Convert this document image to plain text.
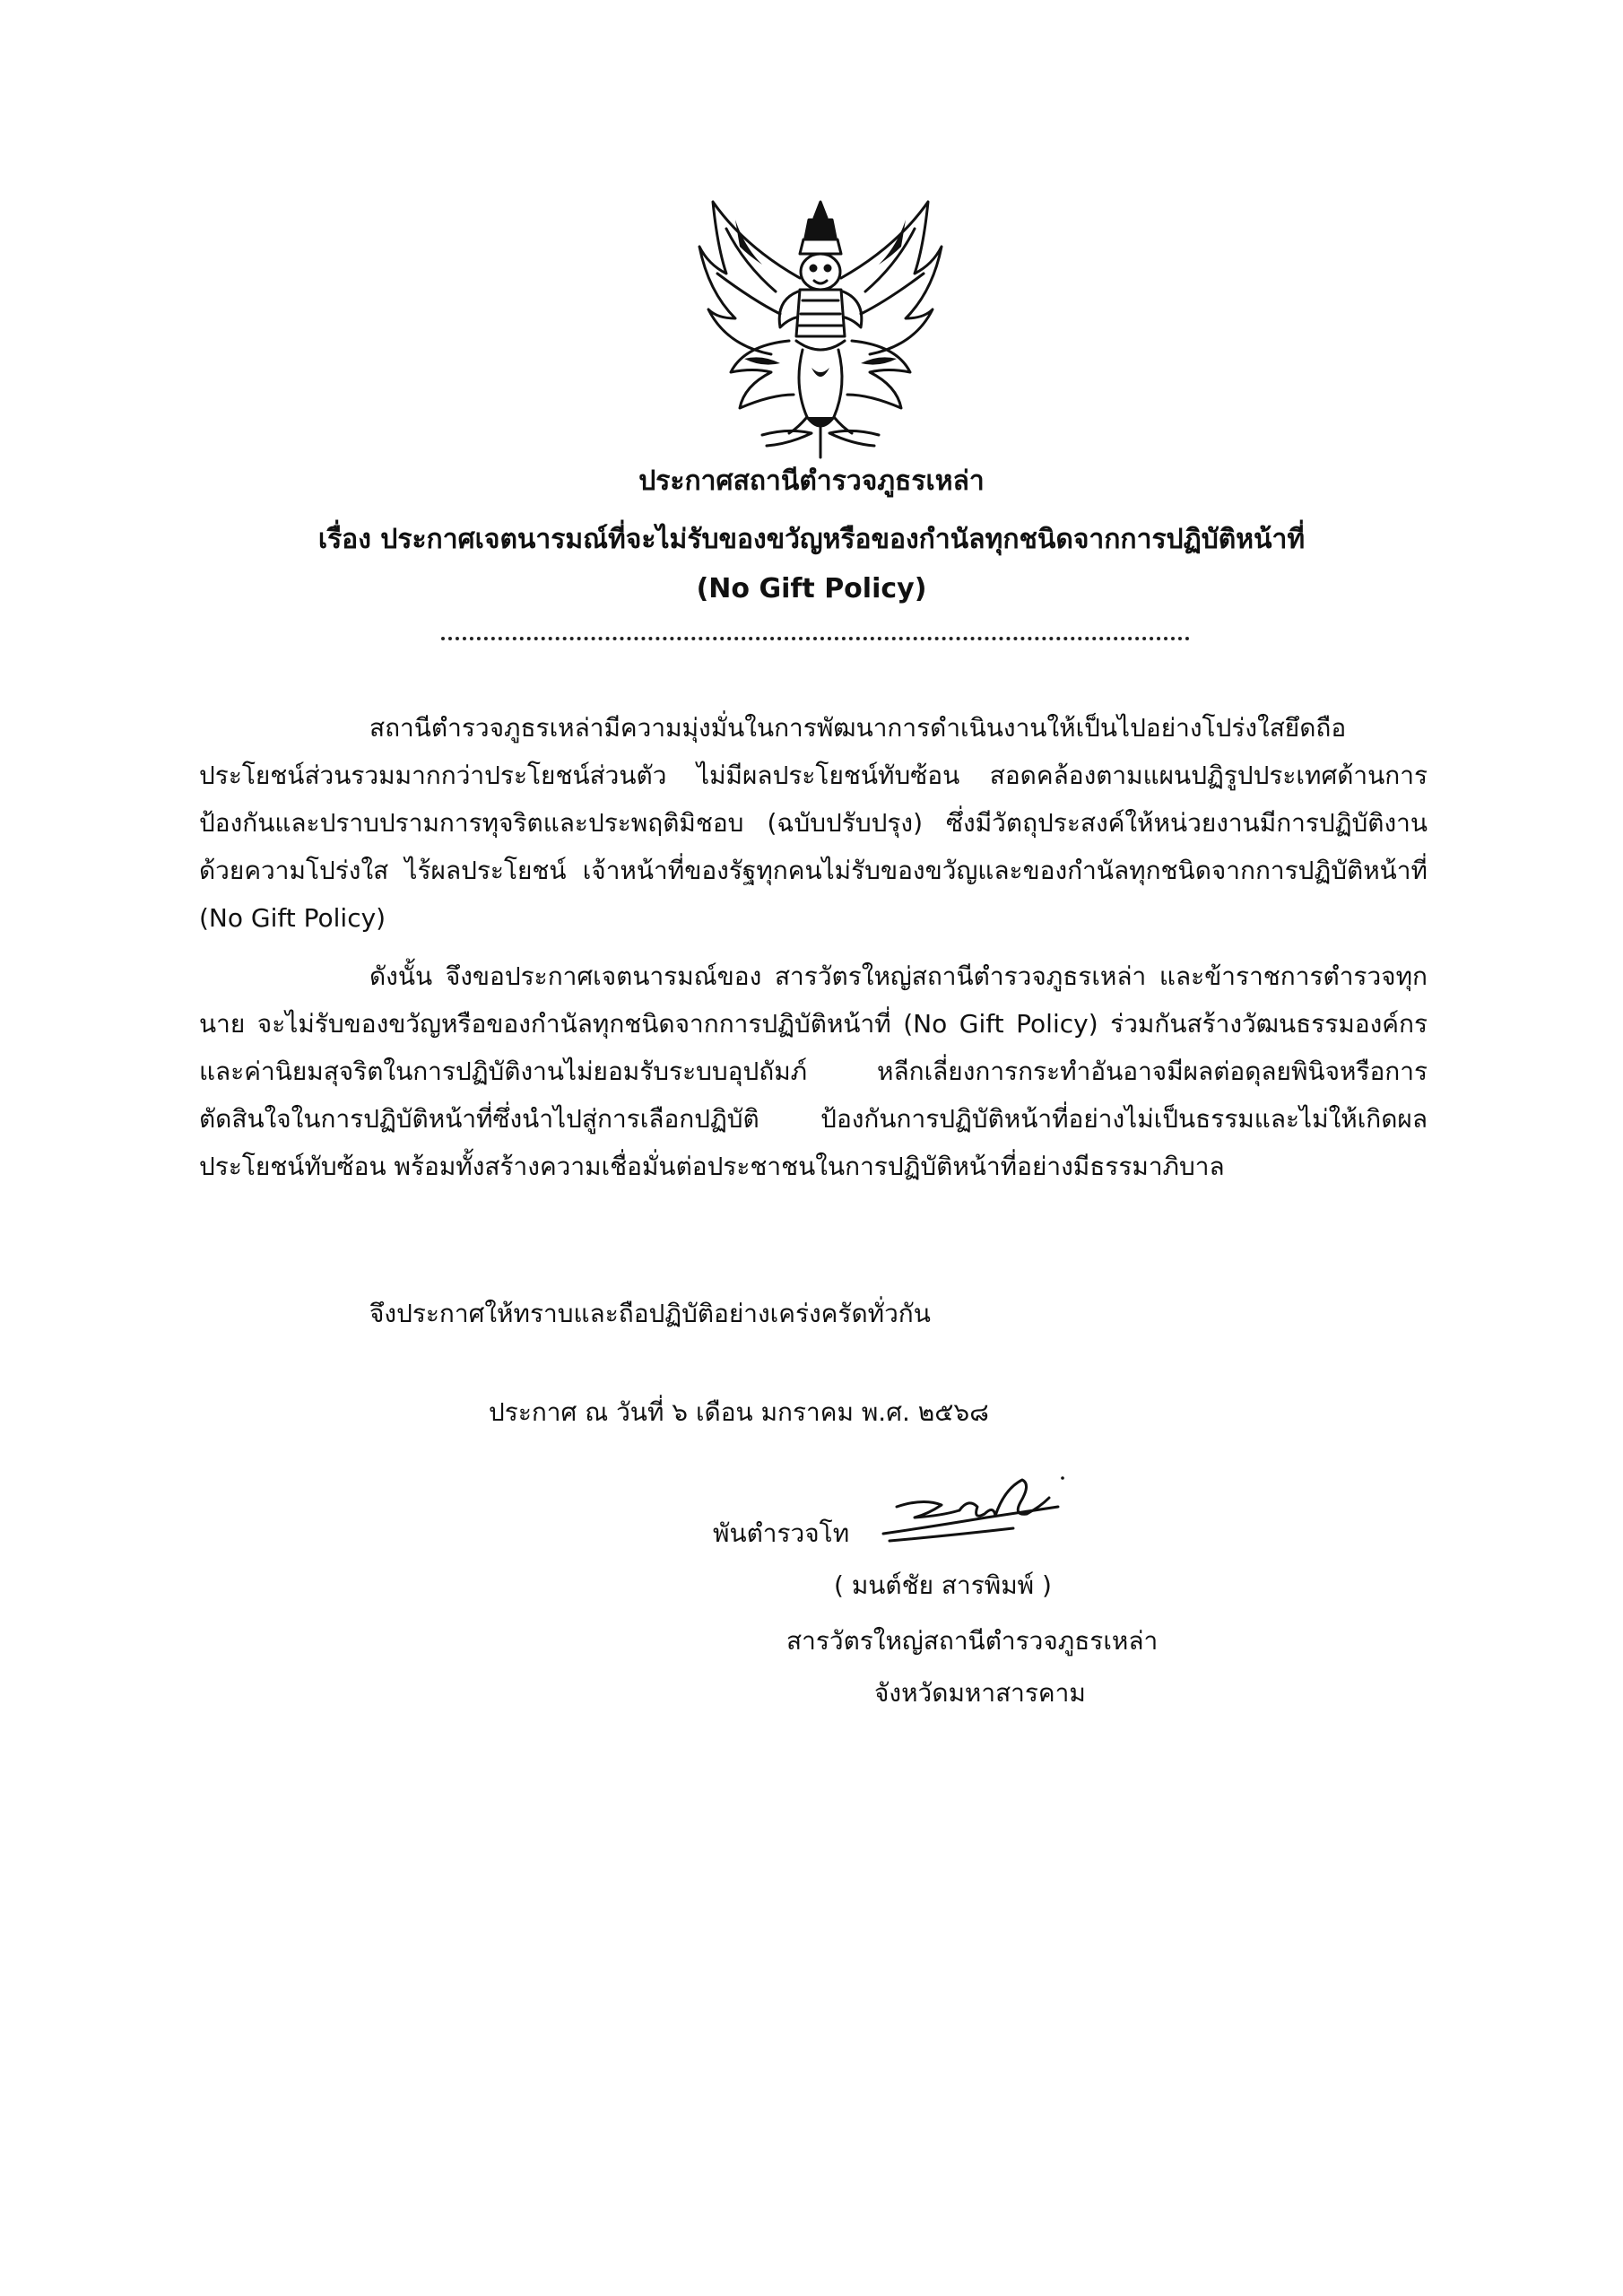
ประกาศสถานีตำรวจภูธรเหล่า
เรื่อง ประกาศเจตนารมณ์ที่จะไม่รับของขวัญหรือของกำนัลทุกชนิดจากการปฏิบัติหน้าที่
(No Gift Policy)
สถานีตำรวจภูธรเหล่ามีความมุ่งมั่นในการพัฒนาการดำเนินงานให้เป็นไปอย่างโปร่งใสยึดถือประโยชน์ส่วนรวมมากกว่าประโยชน์ส่วนตัว ไม่มีผลประโยชน์ทับซ้อน สอดคล้องตามแผนปฏิรูปประเทศด้านการป้องกันและปราบปรามการทุจริตและประพฤติมิชอบ (ฉบับปรับปรุง) ซึ่งมีวัตถุประสงค์ให้หน่วยงานมีการปฏิบัติงานด้วยความโปร่งใส ไร้ผลประโยชน์ เจ้าหน้าที่ของรัฐทุกคนไม่รับของขวัญและของกำนัลทุกชนิดจากการปฏิบัติหน้าที่ (No Gift Policy)
ดังนั้น จึงขอประกาศเจตนารมณ์ของ สารวัตรใหญ่สถานีตำรวจภูธรเหล่า และข้าราชการตำรวจทุกนาย จะไม่รับของขวัญหรือของกำนัลทุกชนิดจากการปฏิบัติหน้าที่ (No Gift Policy) ร่วมกันสร้างวัฒนธรรมองค์กร และค่านิยมสุจริตในการปฏิบัติงานไม่ยอมรับระบบอุปถัมภ์ หลีกเลี่ยงการกระทำอันอาจมีผลต่อดุลยพินิจหรือการตัดสินใจในการปฏิบัติหน้าที่ซึ่งนำไปสู่การเลือกปฏิบัติ ป้องกันการปฏิบัติหน้าที่อย่างไม่เป็นธรรมและไม่ให้เกิดผลประโยชน์ทับซ้อน พร้อมทั้งสร้างความเชื่อมั่นต่อประชาชนในการปฏิบัติหน้าที่อย่างมีธรรมาภิบาล
จึงประกาศให้ทราบและถือปฏิบัติอย่างเคร่งครัดทั่วกัน
ประกาศ ณ วันที่ ๖ เดือน มกราคม พ.ศ. ๒๕๖๘
พันตำรวจโท
( มนต์ชัย สารพิมพ์ )
สารวัตรใหญ่สถานีตำรวจภูธรเหล่า
จังหวัดมหาสารคาม
